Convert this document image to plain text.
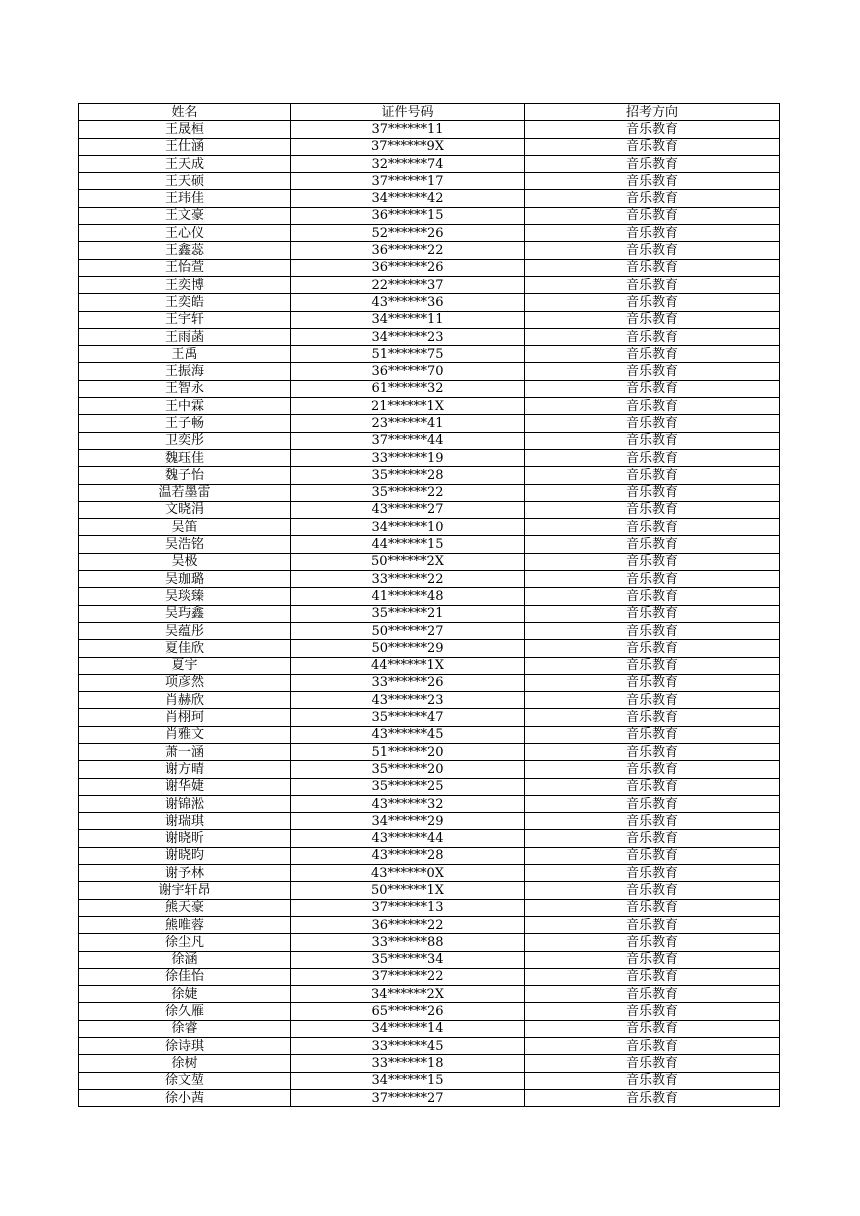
姓名	证件号码	招考方向
王晟桓	37******11	音乐教育
王仕涵	37******9X	音乐教育
王天成	32******74	音乐教育
王天硕	37******17	音乐教育
王玮佳	34******42	音乐教育
王文豪	36******15	音乐教育
王心仪	52******26	音乐教育
王鑫蕊	36******22	音乐教育
王怡萱	36******26	音乐教育
王奕博	22******37	音乐教育
王奕皓	43******36	音乐教育
王宇轩	34******11	音乐教育
王雨菡	34******23	音乐教育
王禹	51******75	音乐教育
王振海	36******70	音乐教育
王智永	61******32	音乐教育
王中霖	21******1X	音乐教育
王子畅	23******41	音乐教育
卫奕彤	37******44	音乐教育
魏珏佳	33******19	音乐教育
魏子怡	35******28	音乐教育
温若墨雷	35******22	音乐教育
文晓涓	43******27	音乐教育
吴笛	34******10	音乐教育
吴浩铭	44******15	音乐教育
吴极	50******2X	音乐教育
吴珈璐	33******22	音乐教育
吴琰臻	41******48	音乐教育
吴玙鑫	35******21	音乐教育
吴蕴彤	50******27	音乐教育
夏佳欣	50******29	音乐教育
夏宇	44******1X	音乐教育
项彦然	33******26	音乐教育
肖赫欣	43******23	音乐教育
肖栩珂	35******47	音乐教育
肖雅文	43******45	音乐教育
萧一涵	51******20	音乐教育
谢方晴	35******20	音乐教育
谢华婕	35******25	音乐教育
谢锦淞	43******32	音乐教育
谢瑞琪	34******29	音乐教育
谢晓昕	43******44	音乐教育
谢晓昀	43******28	音乐教育
谢予林	43******0X	音乐教育
谢宇轩昂	50******1X	音乐教育
熊天豪	37******13	音乐教育
熊唯蓉	36******22	音乐教育
徐尘凡	33******88	音乐教育
徐涵	35******34	音乐教育
徐佳怡	37******22	音乐教育
徐婕	34******2X	音乐教育
徐久雁	65******26	音乐教育
徐睿	34******14	音乐教育
徐诗琪	33******45	音乐教育
徐树	33******18	音乐教育
徐文堃	34******15	音乐教育
徐小茜	37******27	音乐教育
